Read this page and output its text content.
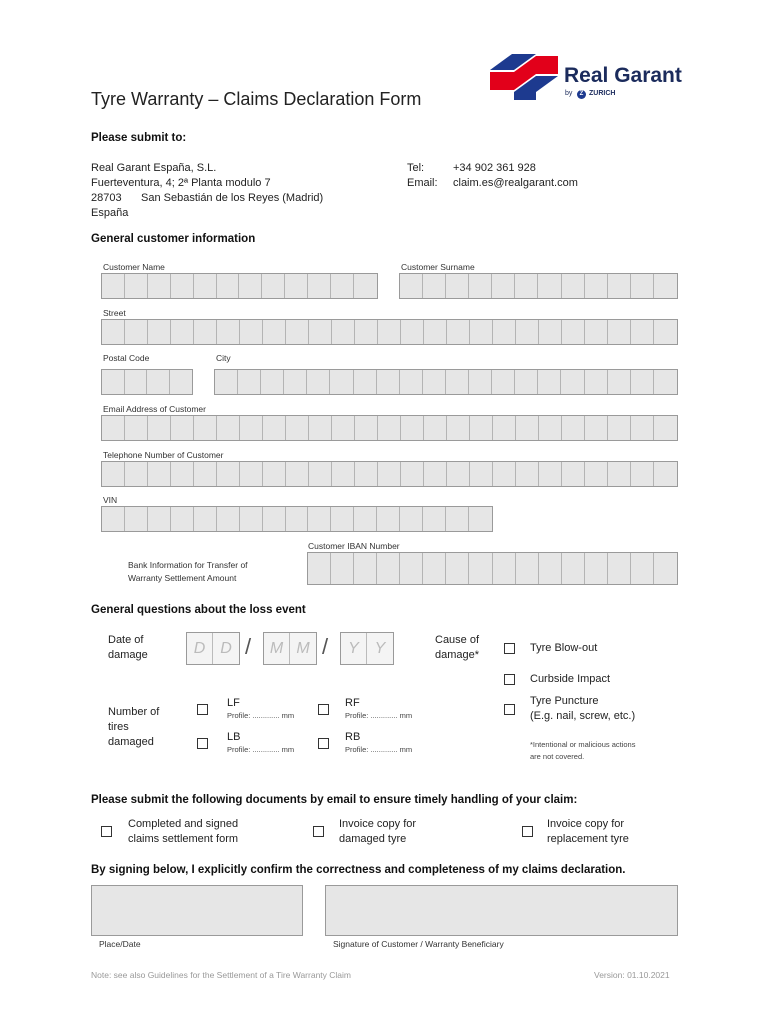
Real Garant
by	Z ZURICH
Tyre Warranty – Claims Declaration Form
Please submit to:
Real Garant España, S.L.
Fuerteventura, 4; 2ª Planta modulo 7
28703	San Sebastián de los Reyes (Madrid)
España
Tel:	+34 902 361 928
Email:	claim.es@realgarant.com
General customer information
Customer Name	Customer Surname
Street
Postal Code	City
Email Address of Customer
Telephone Number of Customer
VIN
Customer IBAN Number
Bank Information for Transfer of
Warranty Settlement Amount
General questions about the loss event
Date of
damage	D D /	M M /	Y Y	Cause of
damage*
Tyre Blow-out
Curbside Impact
Tyre Puncture
(E.g. nail, screw, etc.)
*Intentional or malicious actions
are not covered.
Number of
tires
damaged
LF
Profile: ............. mm
RF
Profile: ............. mm
LB
Profile: ............. mm
RB
Profile: ............. mm
Please submit the following documents by email to ensure timely handling of your claim:
Completed and signed
claims settlement form
Invoice copy for
damaged tyre
Invoice copy for
replacement tyre
By signing below, I explicitly confirm the correctness and completeness of my claims declaration.
Place/Date	Signature of Customer / Warranty Beneficiary
Note: see also Guidelines for the Settlement of a Tire Warranty Claim	Version: 01.10.2021
